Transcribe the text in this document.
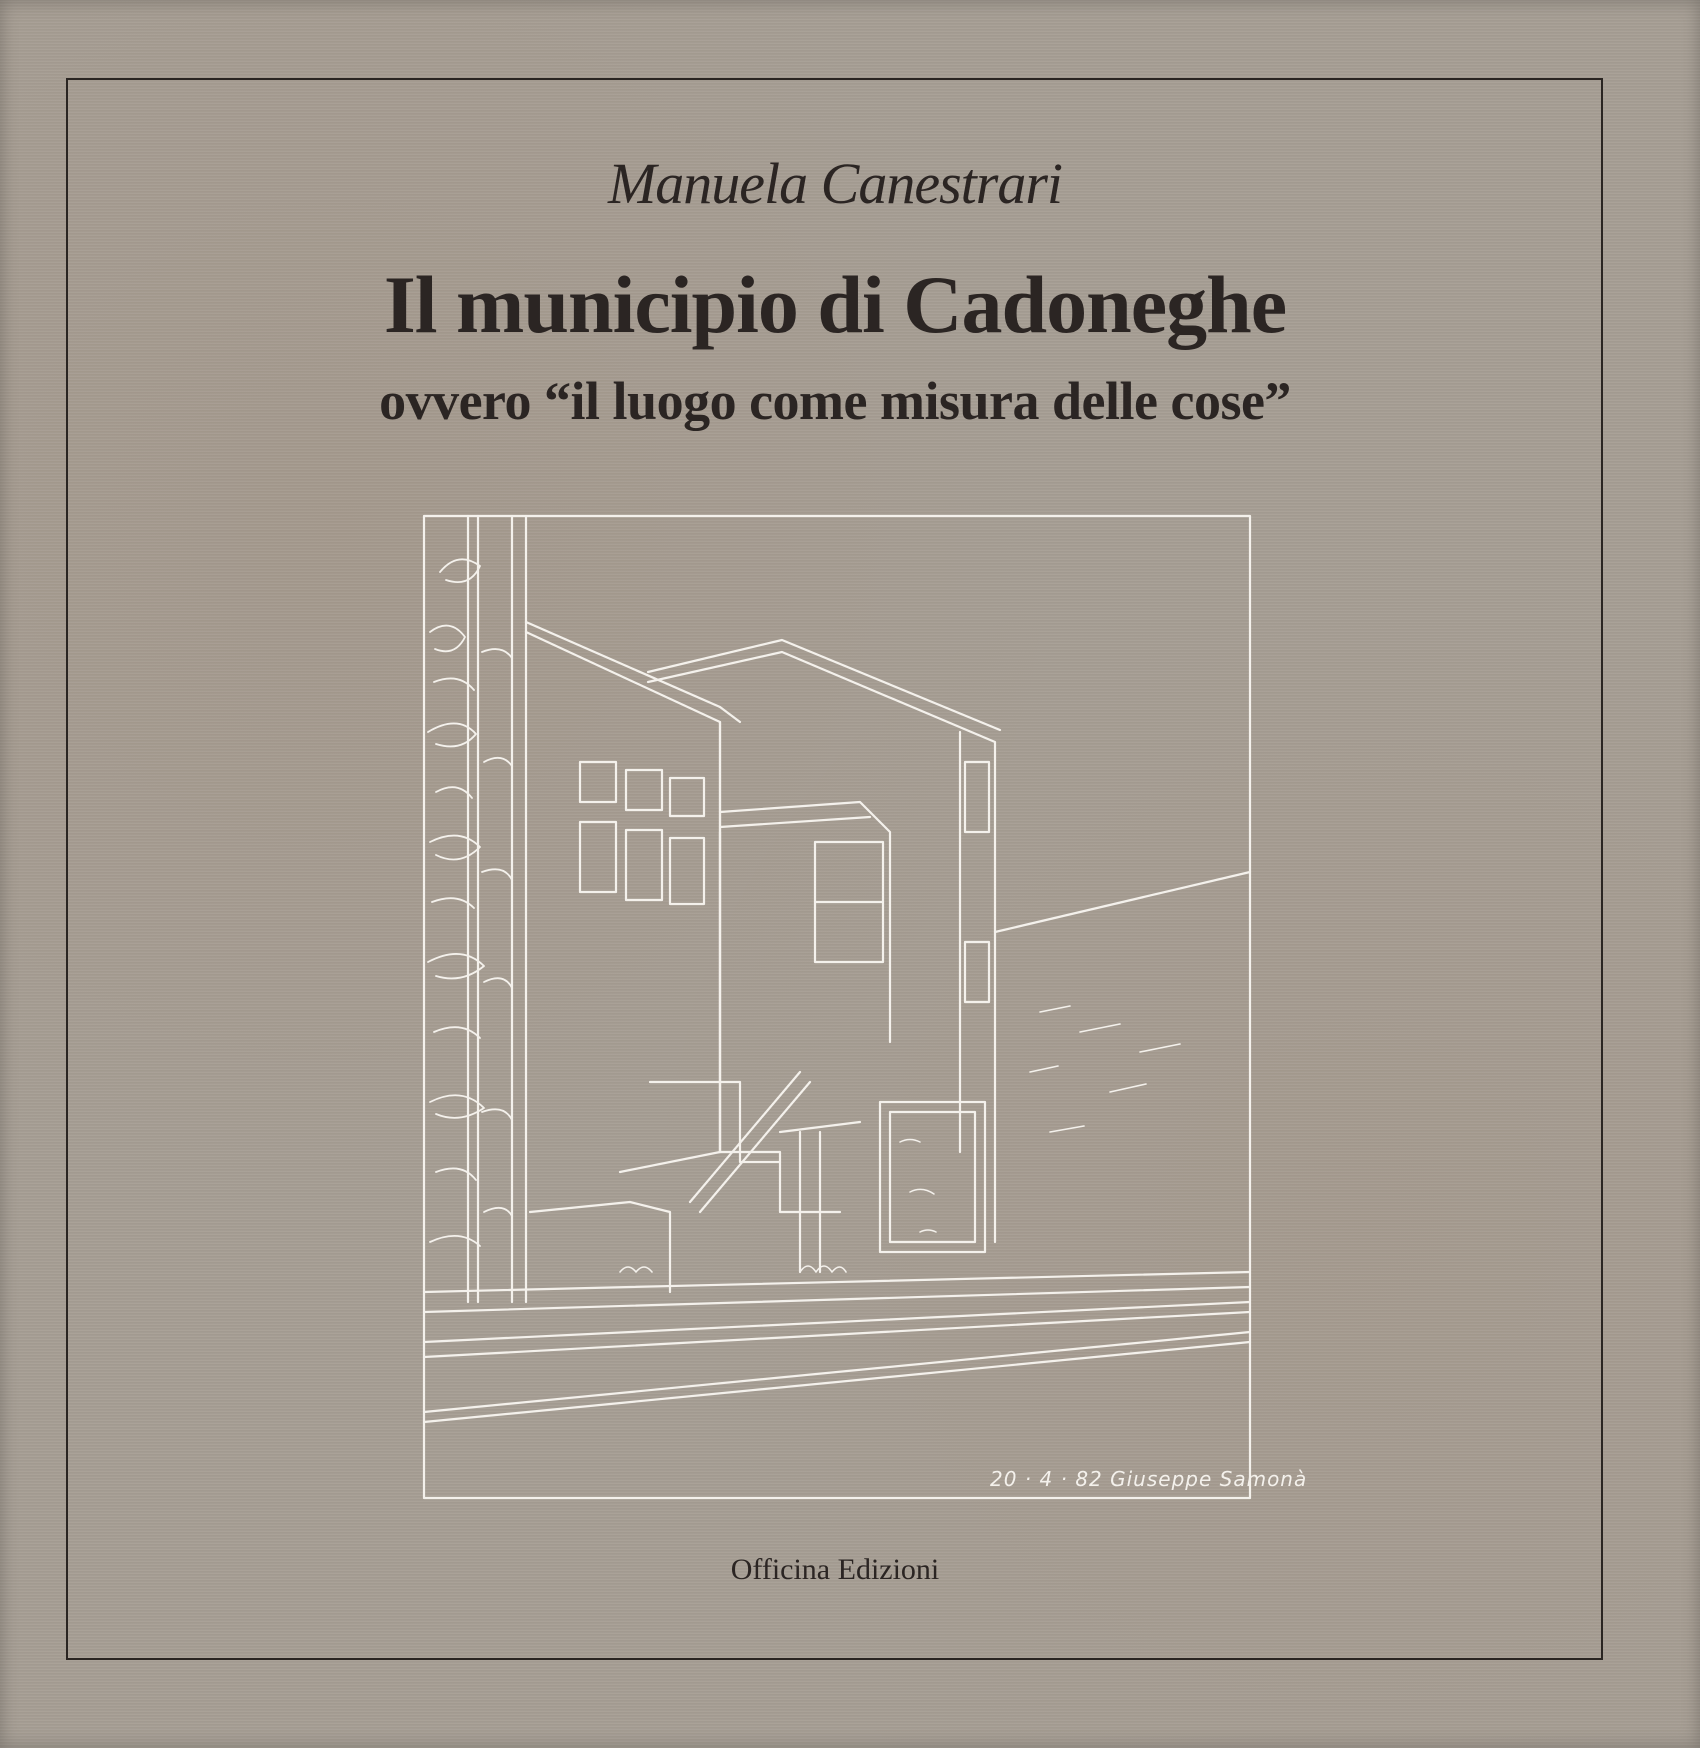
Manuela Canestrari
Il municipio di Cadoneghe
ovvero “il luogo come misura delle cose”
20 · 4 · 82 Giuseppe Samonà
Officina Edizioni
